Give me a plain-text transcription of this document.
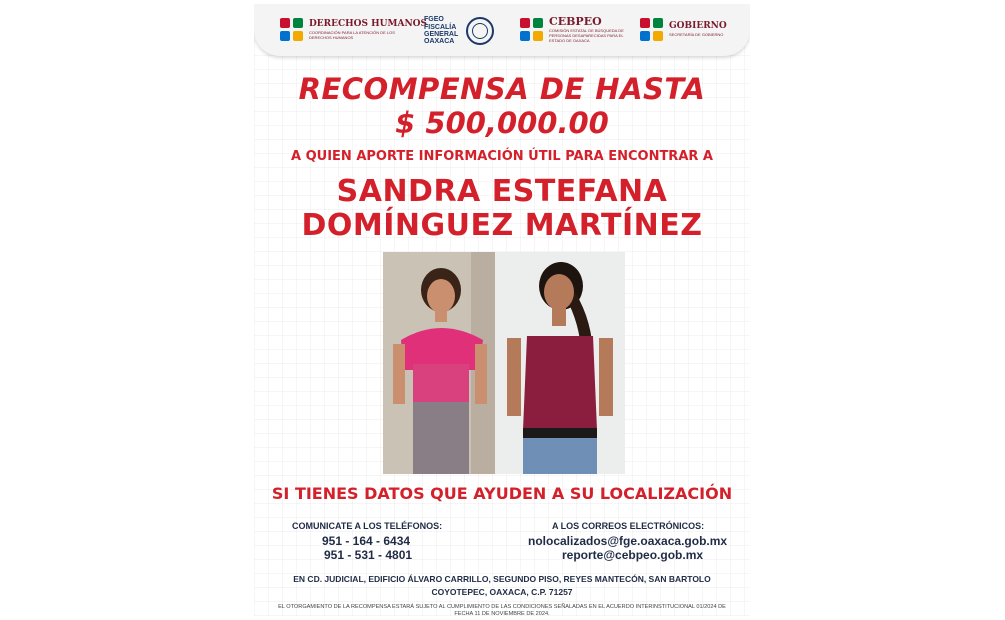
DERECHOS HUMANOS
COORDINACIÓN PARA LA ATENCIÓN DE LOS DERECHOS HUMANOS
FGEO FISCALÍA GENERAL OAXACA
CEBPEO
COMISIÓN ESTATAL DE BÚSQUEDA DE PERSONAS DESAPARECIDAS PARA EL ESTADO DE OAXACA
GOBIERNO
SECRETARÍA DE GOBIERNO
RECOMPENSA DE HASTA
$ 500,000.00
A QUIEN APORTE INFORMACIÓN ÚTIL PARA ENCONTRAR A
SANDRA ESTEFANA
DOMÍNGUEZ MARTÍNEZ
SI TIENES DATOS QUE AYUDEN A SU LOCALIZACIÓN
COMUNICATE A LOS TELÉFONOS:
951 - 164 - 6434
951 - 531 - 4801
A LOS CORREOS ELECTRÓNICOS:
nolocalizados@fge.oaxaca.gob.mx
reporte@cebpeo.gob.mx
EN CD. JUDICIAL, EDIFICIO ÁLVARO CARRILLO, SEGUNDO PISO, REYES MANTECÓN, SAN BARTOLO COYOTEPEC, OAXACA, C.P. 71257
EL OTORGAMIENTO DE LA RECOMPENSA ESTARÁ SUJETO AL CUMPLIMIENTO DE LAS CONDICIONES SEÑALADAS EN EL ACUERDO INTERINSTITUCIONAL 01/2024 DE FECHA 11 DE NOVIEMBRE DE 2024.
